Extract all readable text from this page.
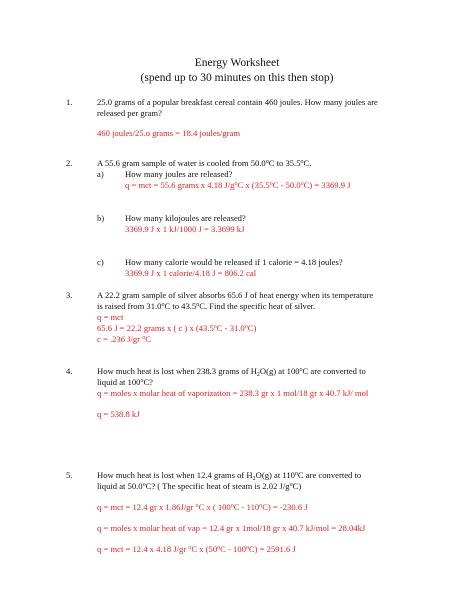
Energy Worksheet
(spend up to 30 minutes on this then stop)
1.	25.0 grams of a popular breakfast cereal contain 460 joules. How many joules are
released per gram?
460 joules/25.o grams = 18.4 joules/gram
2.	A 55.6 gram sample of water is cooled from 50.0$^o$C to 35.5$^o$C.
a) How many joules are released?
q = mct = 55.6 grams x 4.18 $J/g^oC$ x $(35.5^oC - 50.0^oC) = 3369.9$ J
b) How many kilojoules are released?
3369.9 J x 1 kJ/1000 J = 3.3699 kJ
c) How many calorie would be released if 1 calorie = 4.18 joules?
3369.9 J x 1 calorie/4.18 J = 806.2 cal
3.	A 22.2 gram sample of silver absorbs 65.6 J of heat energy when its temperature
is raised from 31.0$^o$C to 43.5$^o$C. Find the specific heat of silver.
q = mct
65.6 J = 22.2 grams x ( c ) x (43.5$^o$C - 31.0$^o$C)
c = .236 J/gr $^o$C
4.	How much heat is lost when 238.3 grams of $H_2O(g)$ at 100$^o$C are converted to
liquid at 100$^o$C?
q = moles x molar heat of vaporization = 238.3 gr x 1 mol/18 gr x 40.7 kJ/ mol
q = 538.8 kJ
5.	How much heat is lost when 12.4 grams of $H_2O(g)$ at 110$^o$C are converted to
liquid at 50.0$^o$C? ( The specific heat of steam is 2.02 $J/g^oC$)
q = mct = 12.4 gr x 1.86J/gr $^o$C x ( $100^oC - 110^oC) = -230.6$ J
q = moles x molar heat of vap = 12.4 gr x 1mol/18 gr x 40.7 kJ/mol = 28.04kJ
q = mct = 12.4 x 4.18 J/gr $^o$C x $(50^oC - 100^oC) = 2591.6$ J
